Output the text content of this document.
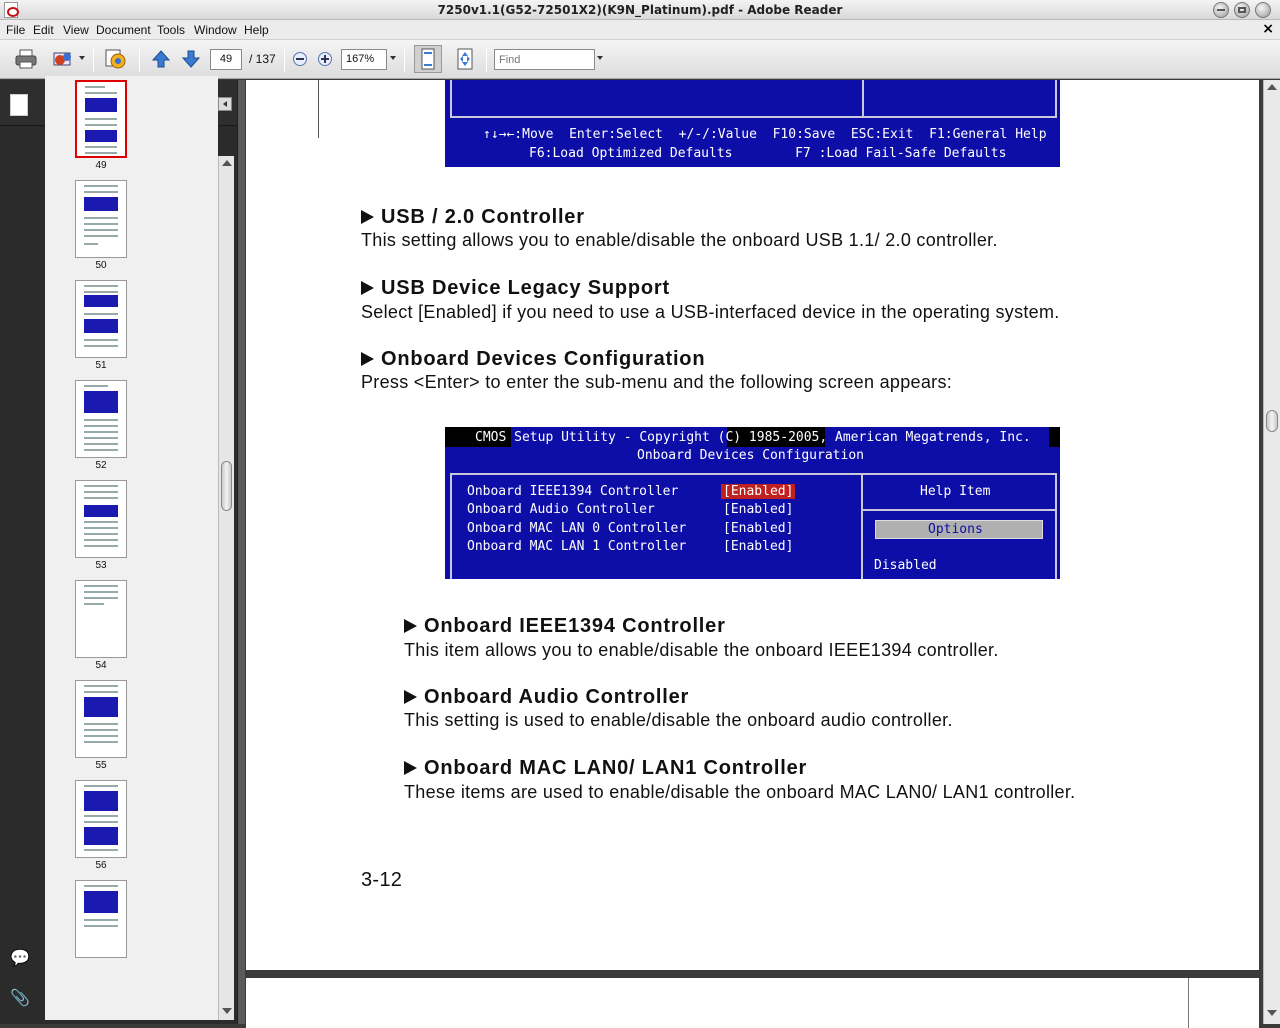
7250v1.1(G52-72501X2)(K9N_Platinum).pdf - Adobe Reader
File Edit View Document Tools Window Help	×
49	/ 137	167%
Find
💬
📎
49
50
51
52
53
54
55
56
↑↓→←:Move  Enter:Select  +/-/:Value  F10:Save  ESC:Exit  F1:General Help
F6:Load Optimized Defaults        F7 :Load Fail-Safe Defaults
USB / 2.0 Controller
This setting allows you to enable/disable the onboard USB 1.1/ 2.0 controller.
USB Device Legacy Support
Select [Enabled] if you need to use a USB-interfaced device in the operating system.
Onboard Devices Configuration
Press <Enter> to enter the sub-menu and the following screen appears:
CMOS Setup Utility - Copyright (C) 1985-2005, American Megatrends, Inc.
Onboard Devices Configuration
Onboard IEEE1394 Controller	[Enabled]
Onboard Audio Controller	[Enabled]
Onboard MAC LAN 0 Controller	[Enabled]
Onboard MAC LAN 1 Controller	[Enabled]
Help Item
Options
Disabled
Onboard IEEE1394 Controller
This item allows you to enable/disable the onboard IEEE1394 controller.
Onboard Audio Controller
This setting is used to enable/disable the onboard audio controller.
Onboard MAC LAN0/ LAN1 Controller
These items are used to enable/disable the onboard MAC LAN0/ LAN1 controller.
3-12
